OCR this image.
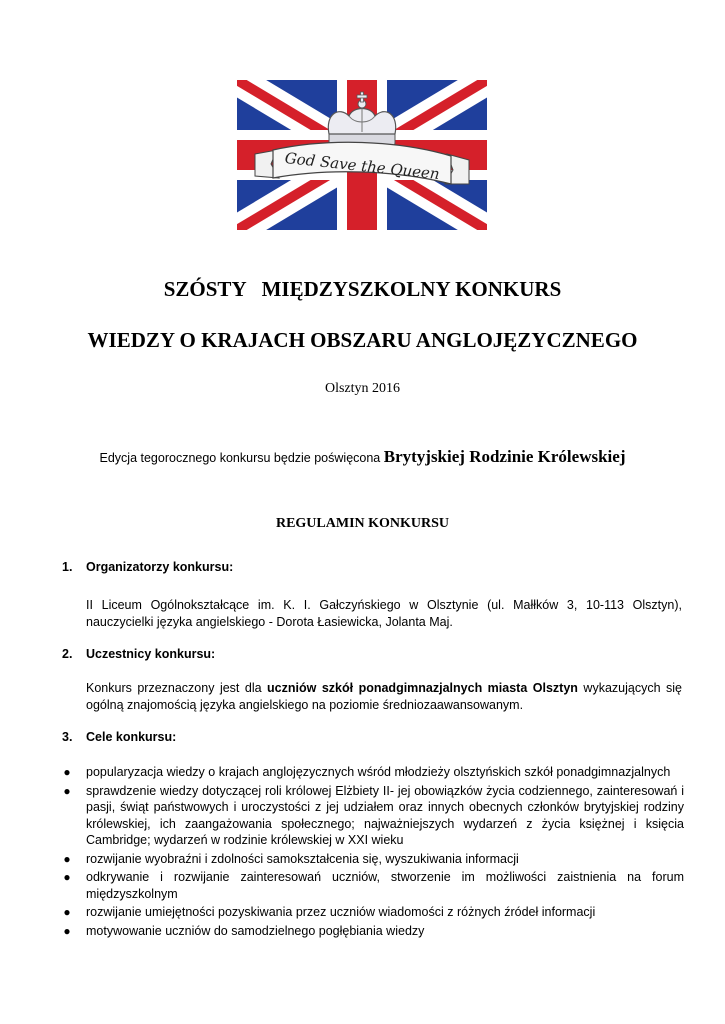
God Save the Queen
SZÓSTY   MIĘDZYSZKOLNY KONKURS
WIEDZY O KRAJACH OBSZARU ANGLOJĘZYCZNEGO
Olsztyn 2016
Edycja tegorocznego konkursu będzie poświęcona Brytyjskiej Rodzinie Królewskiej
REGULAMIN KONKURSU
1. Organizatorzy konkursu:
II Liceum Ogólnokształcące im. K. I. Gałczyńskiego w Olsztynie (ul. Małłków 3, 10-113 Olsztyn), nauczycielki języka angielskiego - Dorota Łasiewicka, Jolanta Maj.
2. Uczestnicy konkursu:
Konkurs przeznaczony jest dla uczniów szkół ponadgimnazjalnych miasta Olsztyn wykazujących się ogólną znajomością języka angielskiego na poziomie średniozaawansowanym.
3. Cele konkursu:
● popularyzacja wiedzy o krajach anglojęzycznych wśród młodzieży olsztyńskich szkół ponadgimnazjalnych
● sprawdzenie wiedzy dotyczącej roli królowej Elżbiety II- jej obowiązków życia codziennego, zainteresowań i pasji, świąt państwowych i uroczystości z jej udziałem oraz innych obecnych członków brytyjskiej rodziny królewskiej, ich zaangażowania społecznego; najważniejszych wydarzeń z życia księżnej i księcia Cambridge; wydarzeń w rodzinie królewskiej w XXI wieku
● rozwijanie wyobraźni i zdolności samokształcenia się, wyszukiwania informacji
● odkrywanie i rozwijanie zainteresowań uczniów, stworzenie im możliwości zaistnienia na forum międzyszkolnym
● rozwijanie umiejętności pozyskiwania przez uczniów wiadomości z różnych źródeł informacji
● motywowanie uczniów do samodzielnego pogłębiania wiedzy
